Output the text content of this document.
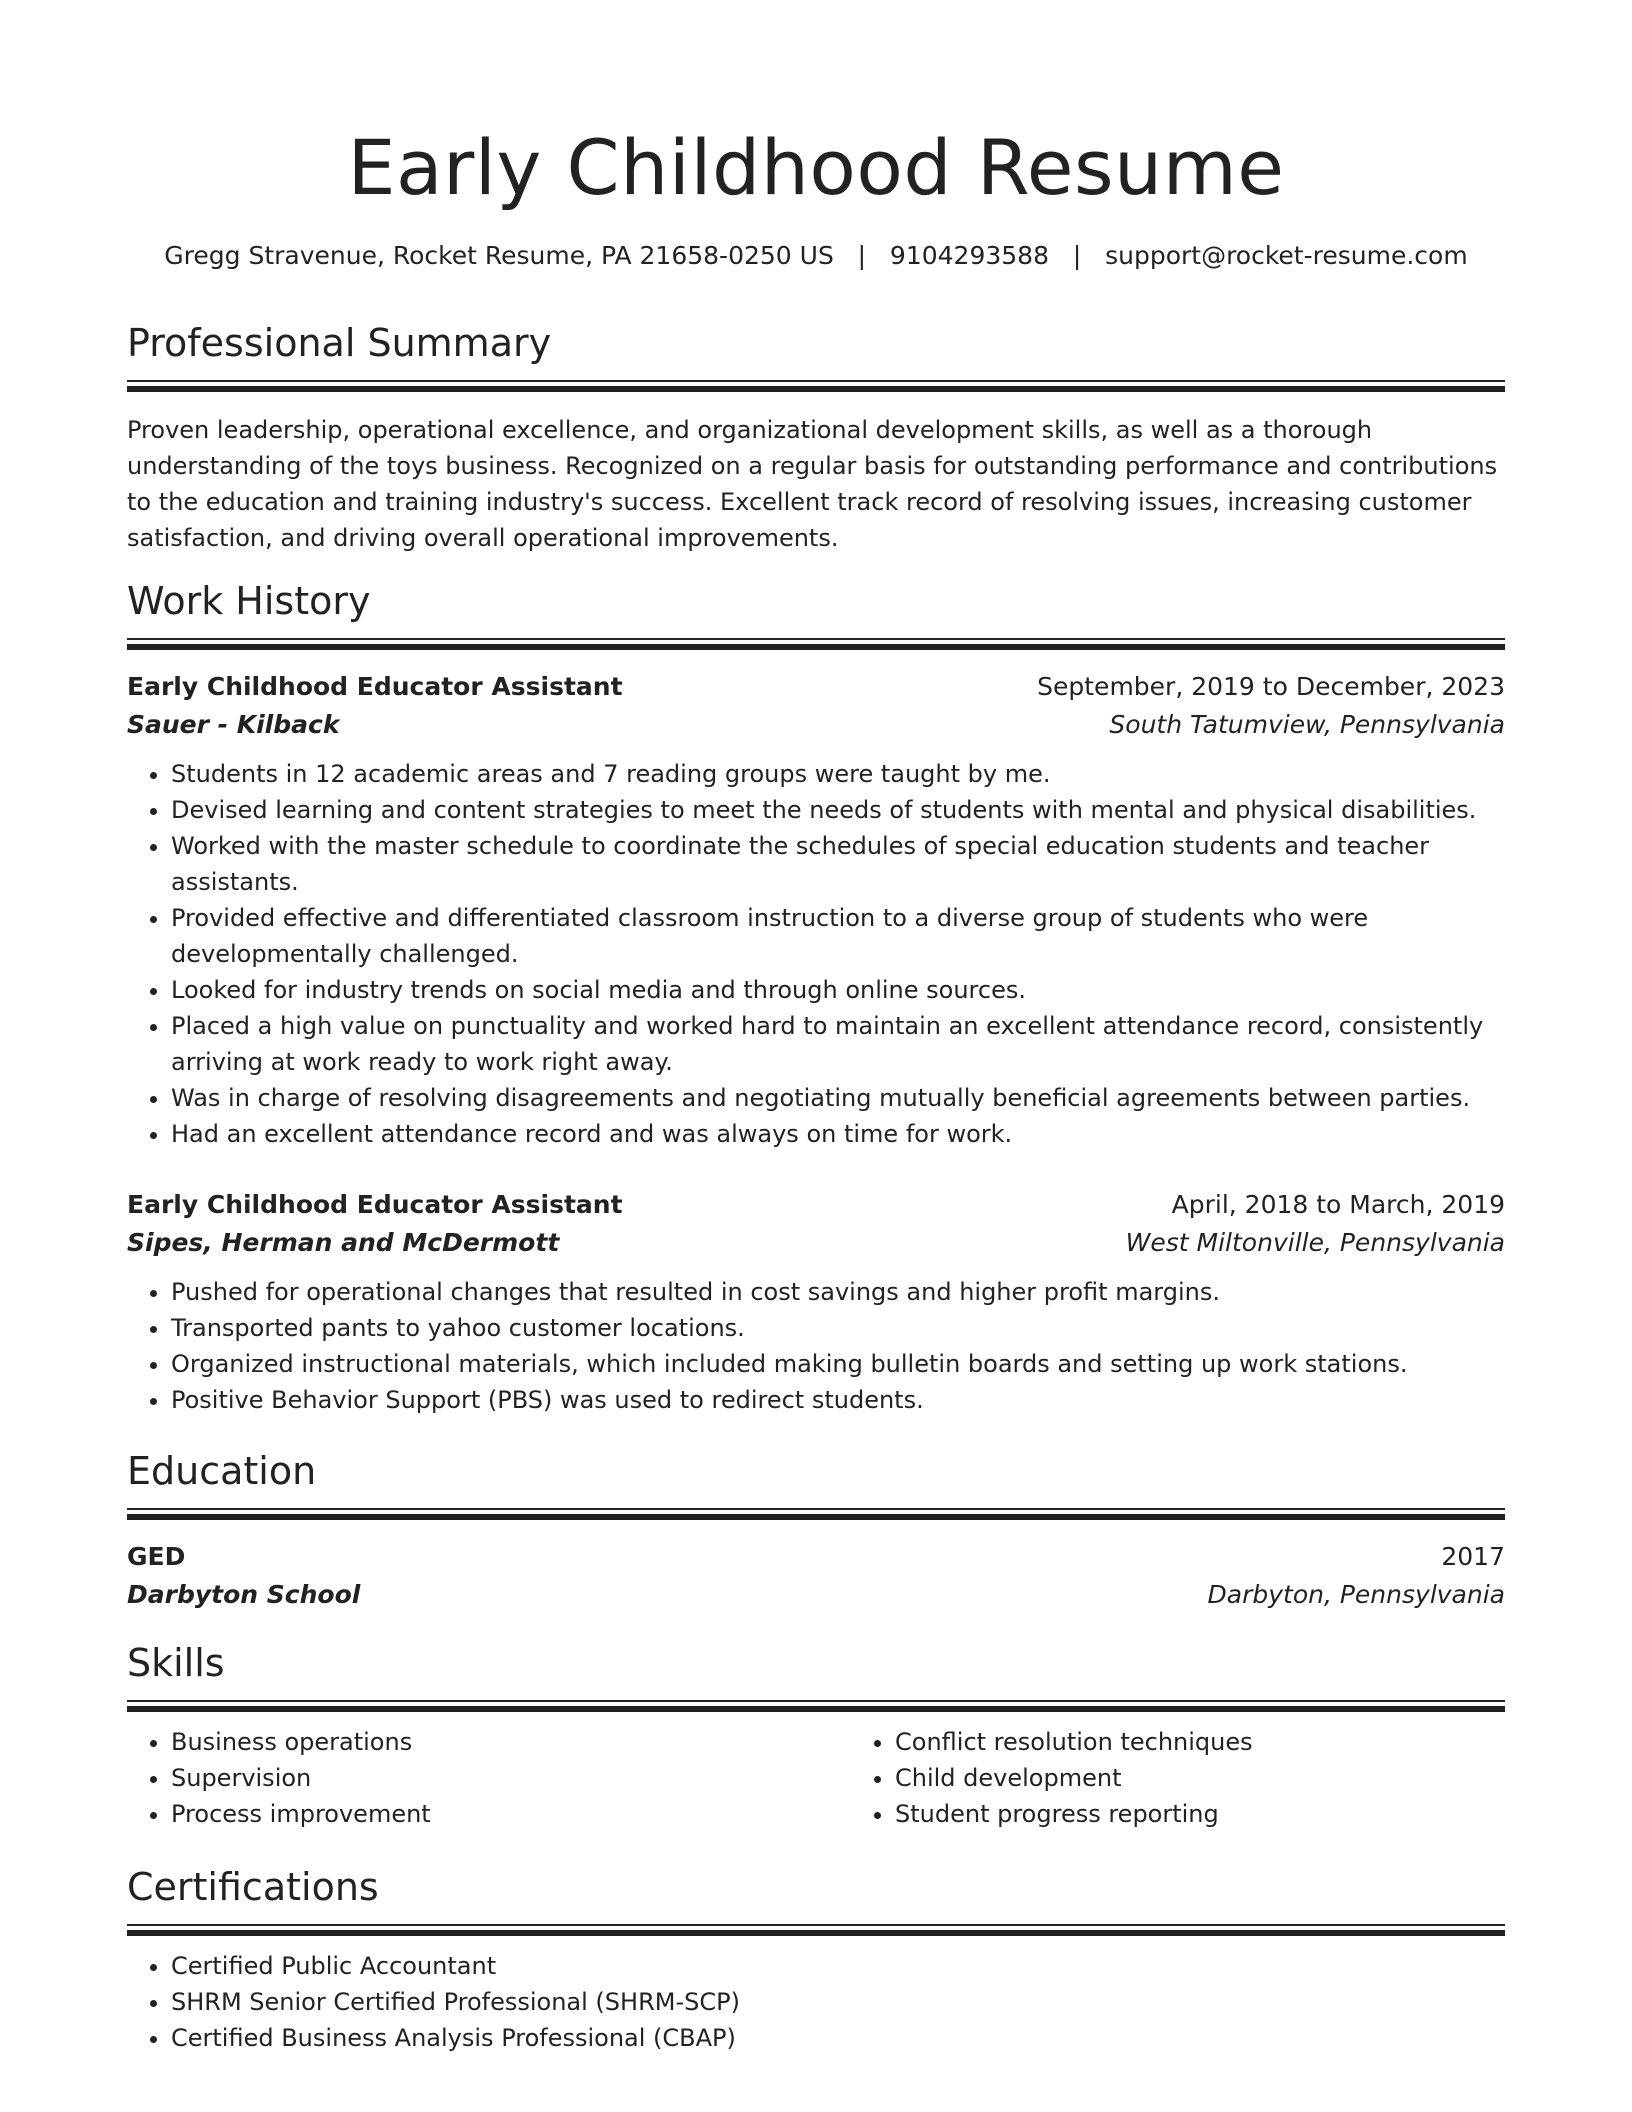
Early Childhood Resume
Gregg Stravenue, Rocket Resume, PA 21658-0250 US   |   9104293588   |   support@rocket-resume.com
Professional Summary
Proven leadership, operational excellence, and organizational development skills, as well as a thorough understanding of the toys business. Recognized on a regular basis for outstanding performance and contributions to the education and training industry's success. Excellent track record of resolving issues, increasing customer satisfaction, and driving overall operational improvements.
Work History
Early Childhood Educator Assistant	September, 2019 to December, 2023
Sauer - Kilback	South Tatumview, Pennsylvania
• Students in 12 academic areas and 7 reading groups were taught by me.
• Devised learning and content strategies to meet the needs of students with mental and physical disabilities.
• Worked with the master schedule to coordinate the schedules of special education students and teacher assistants.
• Provided effective and differentiated classroom instruction to a diverse group of students who were developmentally challenged.
• Looked for industry trends on social media and through online sources.
• Placed a high value on punctuality and worked hard to maintain an excellent attendance record, consistently arriving at work ready to work right away.
• Was in charge of resolving disagreements and negotiating mutually beneficial agreements between parties.
• Had an excellent attendance record and was always on time for work.
Early Childhood Educator Assistant	April, 2018 to March, 2019
Sipes, Herman and McDermott	West Miltonville, Pennsylvania
• Pushed for operational changes that resulted in cost savings and higher profit margins.
• Transported pants to yahoo customer locations.
• Organized instructional materials, which included making bulletin boards and setting up work stations.
• Positive Behavior Support (PBS) was used to redirect students.
Education
GED	2017
Darbyton School	Darbyton, Pennsylvania
Skills
• Business operations
• Supervision
• Process improvement
• Conflict resolution techniques
• Child development
• Student progress reporting
Certifications
• Certified Public Accountant
• SHRM Senior Certified Professional (SHRM-SCP)
• Certified Business Analysis Professional (CBAP)
